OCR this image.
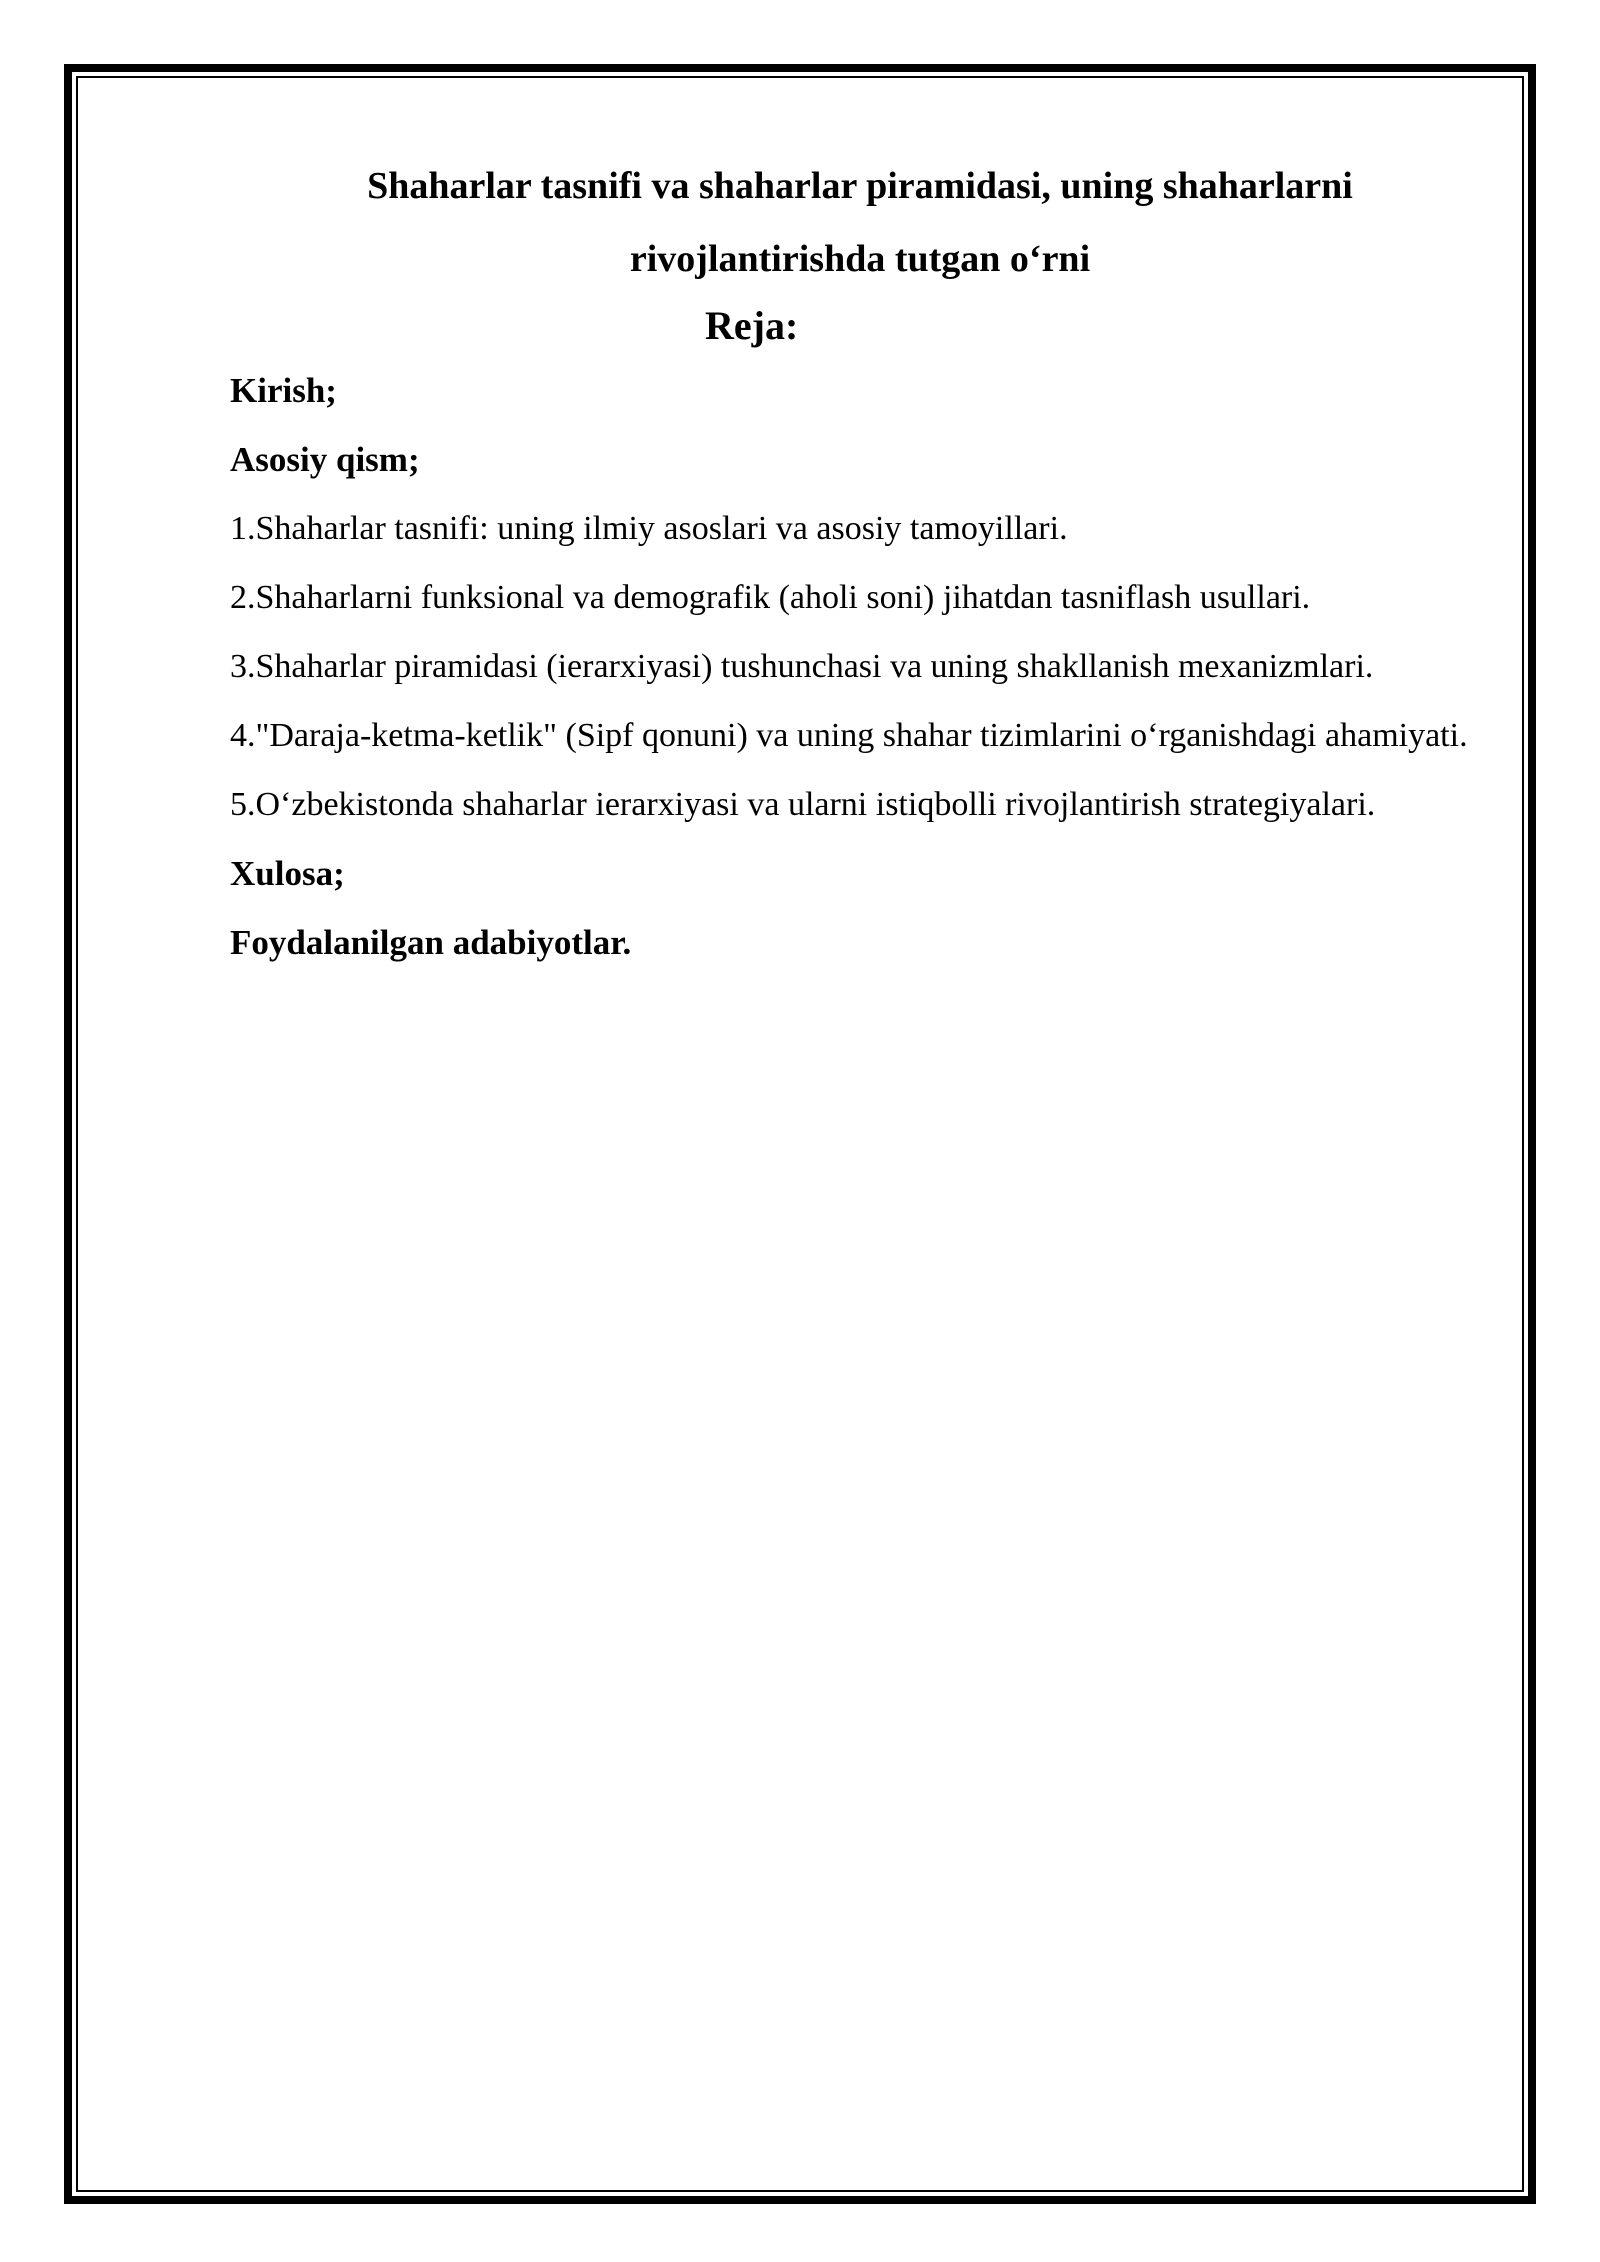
Shaharlar tasnifi va shaharlar piramidasi, uning shaharlarni
rivojlantirishda tutgan o‘rni
Reja:
Kirish;
Asosiy qism;
1.Shaharlar tasnifi: uning ilmiy asoslari va asosiy tamoyillari.
2.Shaharlarni funksional va demografik (aholi soni) jihatdan tasniflash usullari.
3.Shaharlar piramidasi (ierarxiyasi) tushunchasi va uning shakllanish mexanizmlari.
4."Daraja-ketma-ketlik" (Sipf qonuni) va uning shahar tizimlarini o‘rganishdagi ahamiyati.
5.O‘zbekistonda shaharlar ierarxiyasi va ularni istiqbolli rivojlantirish strategiyalari.
Xulosa;
Foydalanilgan adabiyotlar.
